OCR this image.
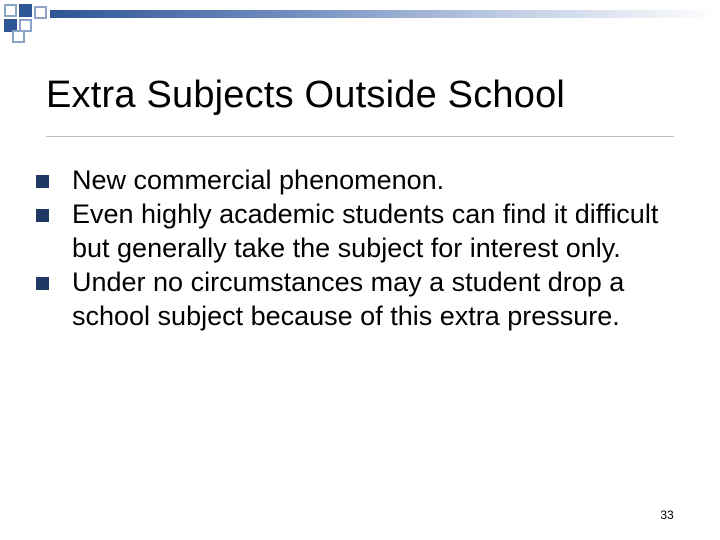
Extra Subjects Outside School
New commercial phenomenon.
Even highly academic students can find it difficult but generally take the subject for interest only.
Under no circumstances may a student drop a school subject because of this extra pressure.
33
